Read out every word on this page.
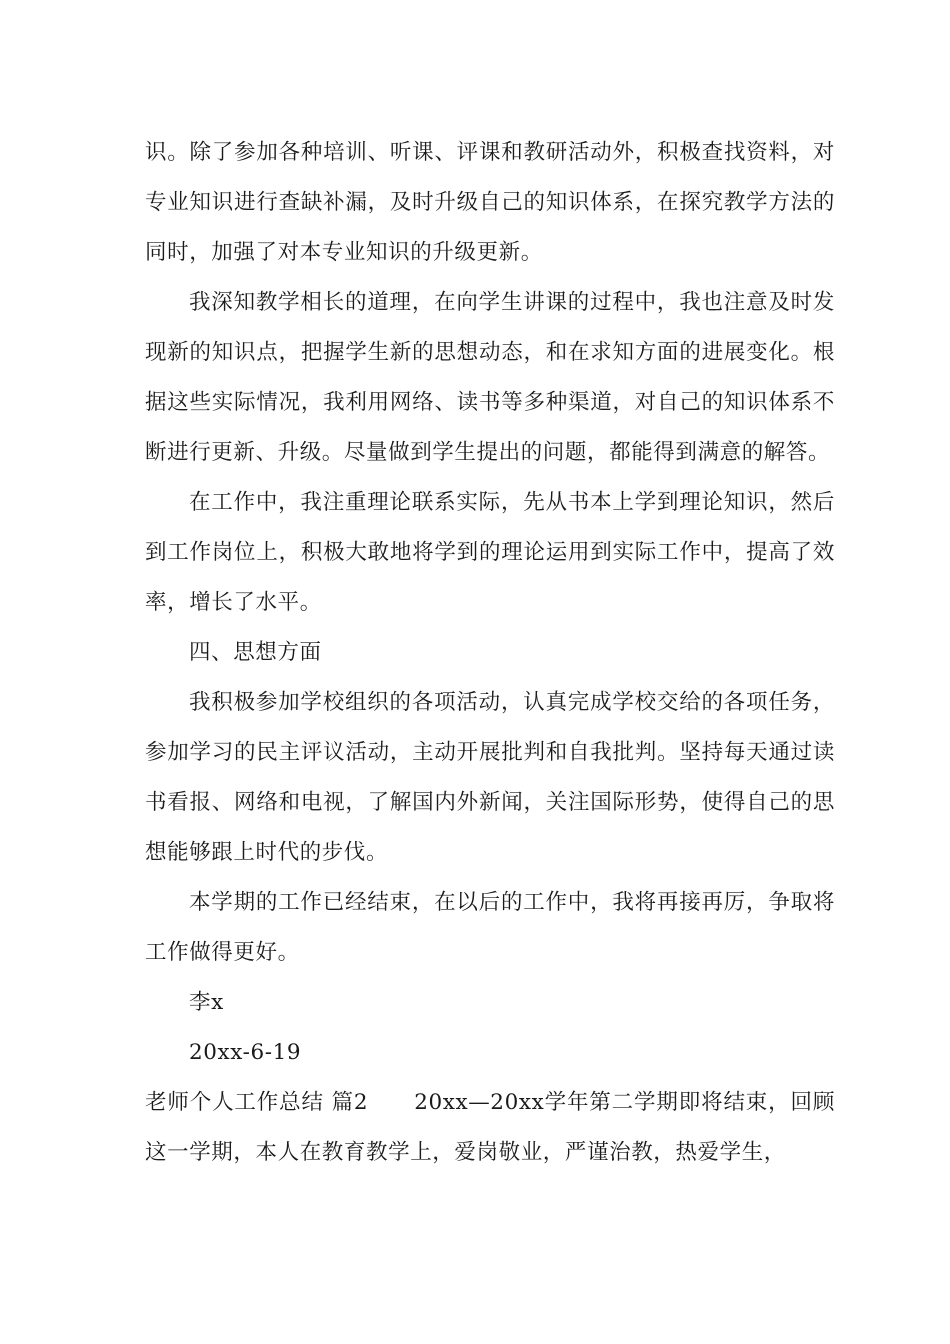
识。除了参加各种培训、听课、评课和教研活动外，积极查找资料，对专业知识进行查缺补漏，及时升级自己的知识体系，在探究教学方法的同时，加强了对本专业知识的升级更新。

我深知教学相长的道理，在向学生讲课的过程中，我也注意及时发现新的知识点，把握学生新的思想动态，和在求知方面的进展变化。根据这些实际情况，我利用网络、读书等多种渠道，对自己的知识体系不断进行更新、升级。尽量做到学生提出的问题，都能得到满意的解答。

在工作中，我注重理论联系实际，先从书本上学到理论知识，然后到工作岗位上，积极大敢地将学到的理论运用到实际工作中，提高了效率，增长了水平。

四、思想方面

我积极参加学校组织的各项活动，认真完成学校交给的各项任务，参加学习的民主评议活动，主动开展批判和自我批判。坚持每天通过读书看报、网络和电视，了解国内外新闻，关注国际形势，使得自己的思想能够跟上时代的步伐。

本学期的工作已经结束，在以后的工作中，我将再接再厉，争取将工作做得更好。

李x

20xx-6-19

老师个人工作总结 篇2 20xx—20xx学年第二学期即将结束，回顾这一学期，本人在教育教学上，爱岗敬业，严谨治教，热爱学生，
